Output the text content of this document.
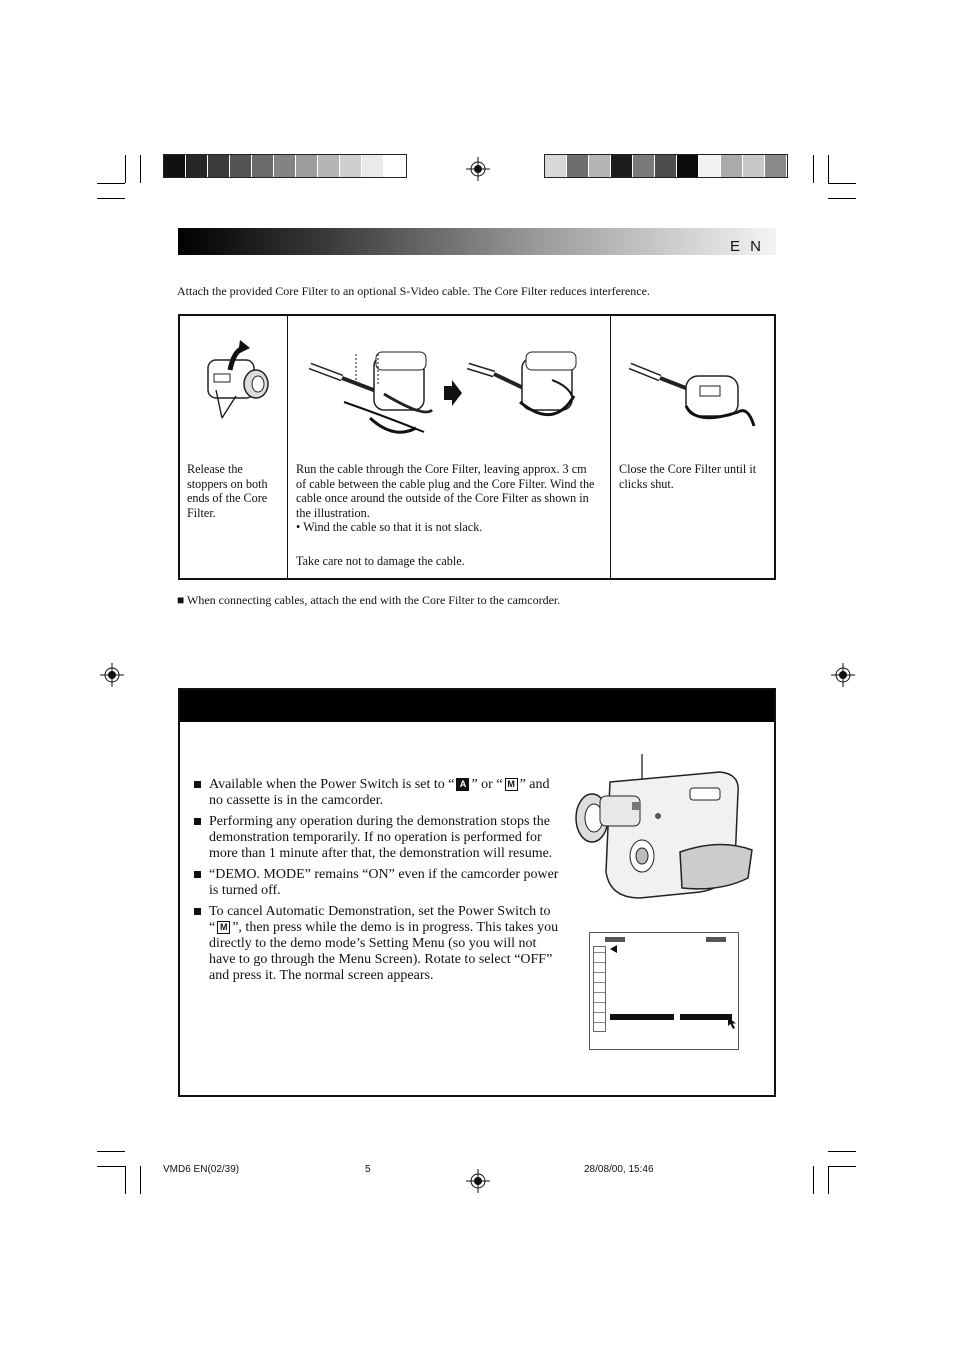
E N
Attach the provided Core Filter to an optional S-Video cable. The Core Filter reduces interference.
Release the stoppers on both ends of the Core Filter.
Run the cable through the Core Filter, leaving approx. 3 cm of cable between the cable plug and the Core Filter. Wind the cable once around the outside of the Core Filter as shown in the illustration.
• Wind the cable so that it is not slack.
Take care not to damage the cable.
Close the Core Filter until it clicks shut.
■ When connecting cables, attach the end with the Core Filter to the camcorder.
Available when the Power Switch is set to “ A ” or “ M ” and no cassette is in the camcorder.
Performing any operation during the demonstration stops the demonstration temporarily. If no operation is performed for more than 1 minute after that, the demonstration will resume.
“DEMO. MODE” remains “ON” even if the camcorder power is turned off.
To cancel Automatic Demonstration, set the Power Switch to “ M ”, then press while the demo is in progress. This takes you directly to the demo mode’s Setting Menu (so you will not have to go through the Menu Screen). Rotate to select “OFF” and press it. The normal screen appears.
VMD6 EN(02/39)	5	28/08/00, 15:46
